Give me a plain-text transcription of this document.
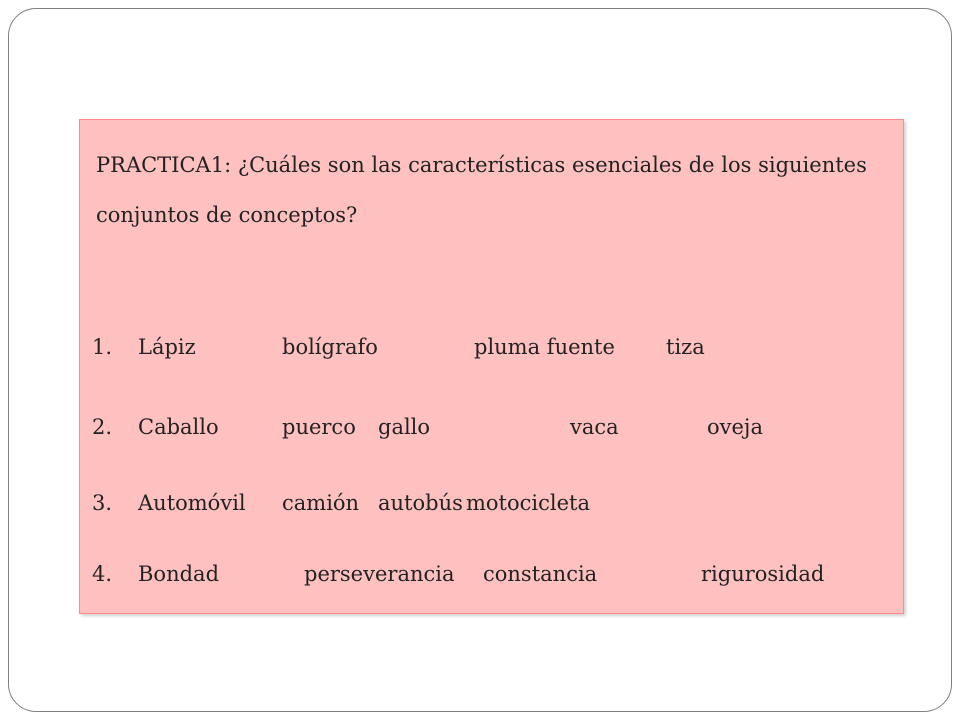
PRACTICA1: ¿Cuáles son las características esenciales de los siguientes conjuntos de conceptos?

1. Lápiz	bolígrafo	pluma fuente tiza
2. Caballo	puerco gallo	vaca	oveja
3. Automóvil camión autobús motocicleta
4. Bondad	perseverancia constancia	rigurosidad
